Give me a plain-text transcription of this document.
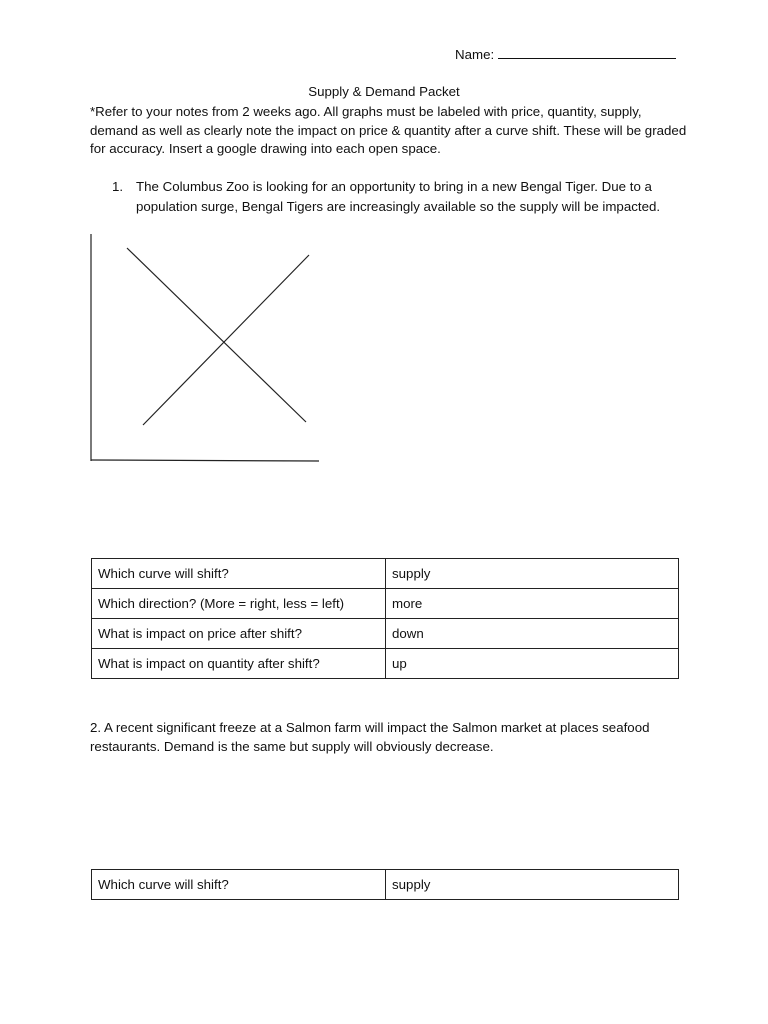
Name:
Supply & Demand Packet
*Refer to your notes from 2 weeks ago. All graphs must be labeled with price, quantity, supply, demand as well as clearly note the impact on price & quantity after a curve shift. These will be graded for accuracy. Insert a google drawing into each open space.
1. The Columbus Zoo is looking for an opportunity to bring in a new Bengal Tiger. Due to a population surge, Bengal Tigers are increasingly available so the supply will be impacted.
Which curve will shift?	supply
Which direction? (More = right, less = left)	more
What is impact on price after shift?	down
What is impact on quantity after shift?	up
2. A recent significant freeze at a Salmon farm will impact the Salmon market at places seafood restaurants. Demand is the same but supply will obviously decrease.
Which curve will shift?	supply
